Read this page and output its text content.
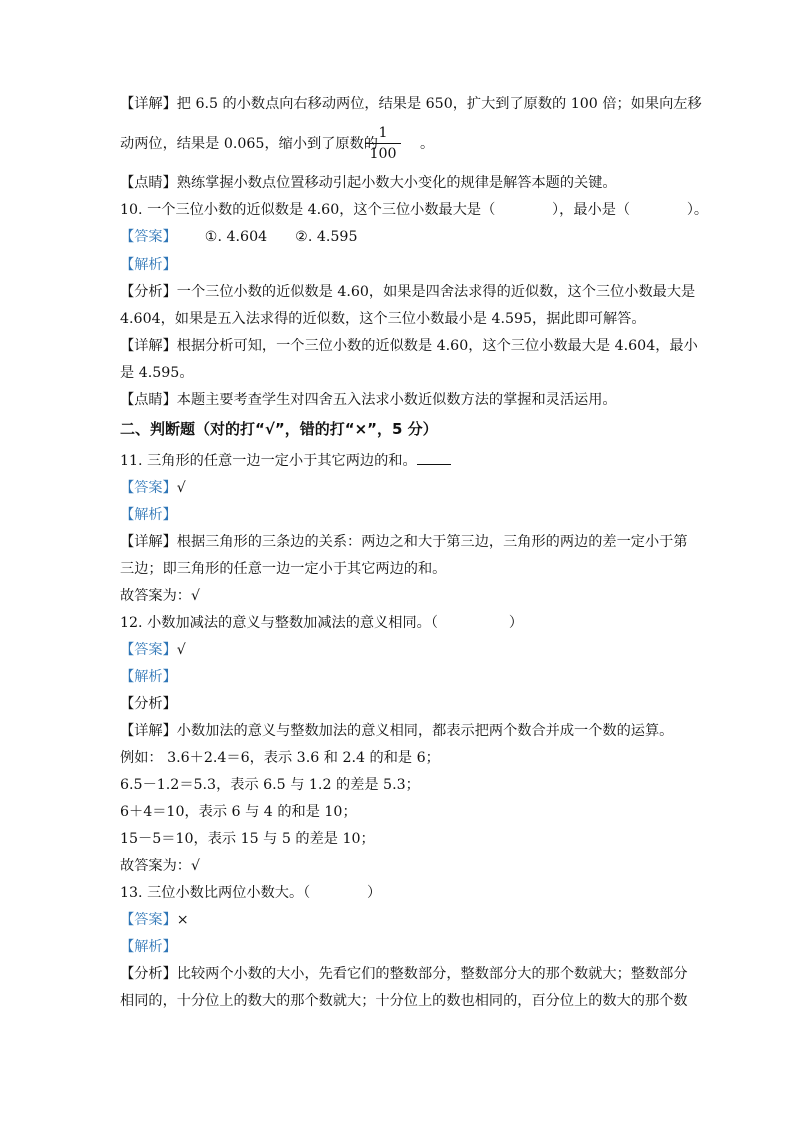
【详解】把 6.5 的小数点向右移动两位，结果是 650，扩大到了原数的 100 倍；如果向左移
动两位，结果是 0.065，缩小到了原数的	。
1
100
【点睛】熟练掌握小数点位置移动引起小数大小变化的规律是解答本题的关键。
10. 一个三位小数的近似数是 4.60，这个三位小数最大是（　　　　），最小是（　　　　）。
【答案】 ①. 4.604 ②. 4.595
【解析】
【分析】一个三位小数的近似数是 4.60，如果是四舍法求得的近似数，这个三位小数最大是
4.604，如果是五入法求得的近似数，这个三位小数最小是 4.595，据此即可解答。
【详解】根据分析可知，一个三位小数的近似数是 4.60，这个三位小数最大是 4.604，最小
是 4.595。
【点睛】本题主要考查学生对四舍五入法求小数近似数方法的掌握和灵活运用。
二、判断题（对的打“√”，错的打“×”，5 分）
11. 三角形的任意一边一定小于其它两边的和。
【答案】√
【解析】
【详解】根据三角形的三条边的关系：两边之和大于第三边，三角形的两边的差一定小于第
三边；即三角形的任意一边一定小于其它两边的和。
故答案为：√
12. 小数加减法的意义与整数加减法的意义相同。（　　　　　）
【答案】√
【解析】
【分析】
【详解】小数加法的意义与整数加法的意义相同，都表示把两个数合并成一个数的运算。
例如： 3.6＋2.4＝6，表示 3.6 和 2.4 的和是 6；
6.5－1.2＝5.3，表示 6.5 与 1.2 的差是 5.3；
6＋4＝10，表示 6 与 4 的和是 10；
15－5＝10，表示 15 与 5 的差是 10；
故答案为：√
13. 三位小数比两位小数大。（　　　　）
【答案】×
【解析】
【分析】比较两个小数的大小，先看它们的整数部分，整数部分大的那个数就大；整数部分
相同的，十分位上的数大的那个数就大；十分位上的数也相同的，百分位上的数大的那个数
